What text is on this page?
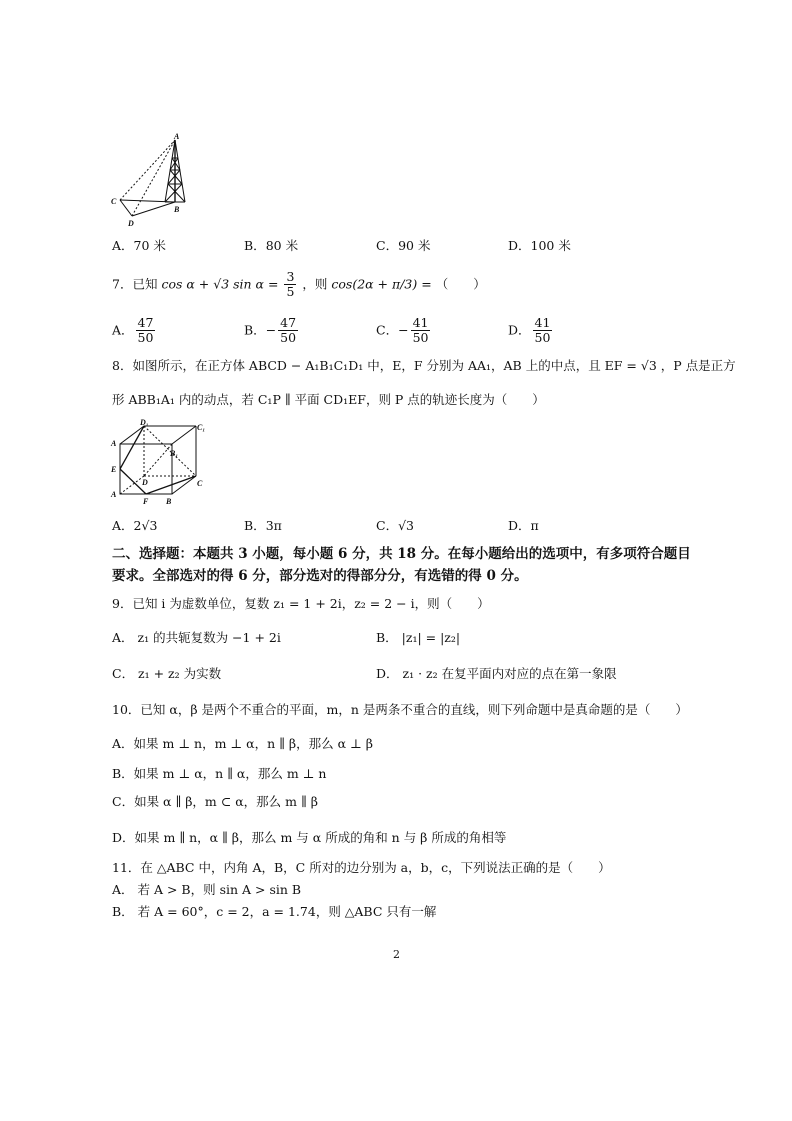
A
B
C
D
A．70 米	B．80 米	C．90 米	D．100 米
7．已知 cos α + √3 $\sin \alpha = \frac{3}{5}$ ，则 cos(2α + π/3) = （　　）
A． $\frac{47}{50}$	B．− $\frac{47}{50}$	C．− $\frac{41}{50}$	D． $\frac{41}{50}$
8．如图所示，在正方体 ABCD − A₁B₁C₁D₁ 中，E，F 分别为 AA₁，AB 上的中点，且 EF = √3 ，P 点是正方
形 ABB₁A₁ 内的动点，若 C₁P ∥ 平面 CD₁EF，则 P 点的轨迹长度为（　　）
D₁
C₁
A
B₁
E
D	C
A
F B
A．2√3	B．3π	C．√3	D．π
二、选择题：本题共 3 小题，每小题 6 分，共 18 分。在每小题给出的选项中，有多项符合题目
要求。全部选对的得 6 分，部分选对的得部分分，有选错的得 0 分。
9．已知 i 为虚数单位，复数 z₁ = 1 + 2i，z₂ = 2 − i，则（　　）
A． z₁ 的共轭复数为 −1 + 2i	B． |z₁| = |z₂|
C． z₁ + z₂ 为实数	D． z₁ · z₂ 在复平面内对应的点在第一象限
10．已知 α，β 是两个不重合的平面，m，n 是两条不重合的直线，则下列命题中是真命题的是（　　）
A．如果 m ⊥ n，m ⊥ α，n ∥ β，那么 α ⊥ β
B．如果 m ⊥ α，n ∥ α，那么 m ⊥ n
C．如果 α ∥ β，m ⊂ α，那么 m ∥ β
D．如果 m ∥ n，α ∥ β，那么 m 与 α 所成的角和 n 与 β 所成的角相等
11．在 △ABC 中，内角 A，B，C 所对的边分别为 a，b，c，下列说法正确的是（　　）
A． 若 A > B，则 sin A > sin B
B． 若 A = 60°，c = 2，a = 1.74，则 △ABC 只有一解
2
